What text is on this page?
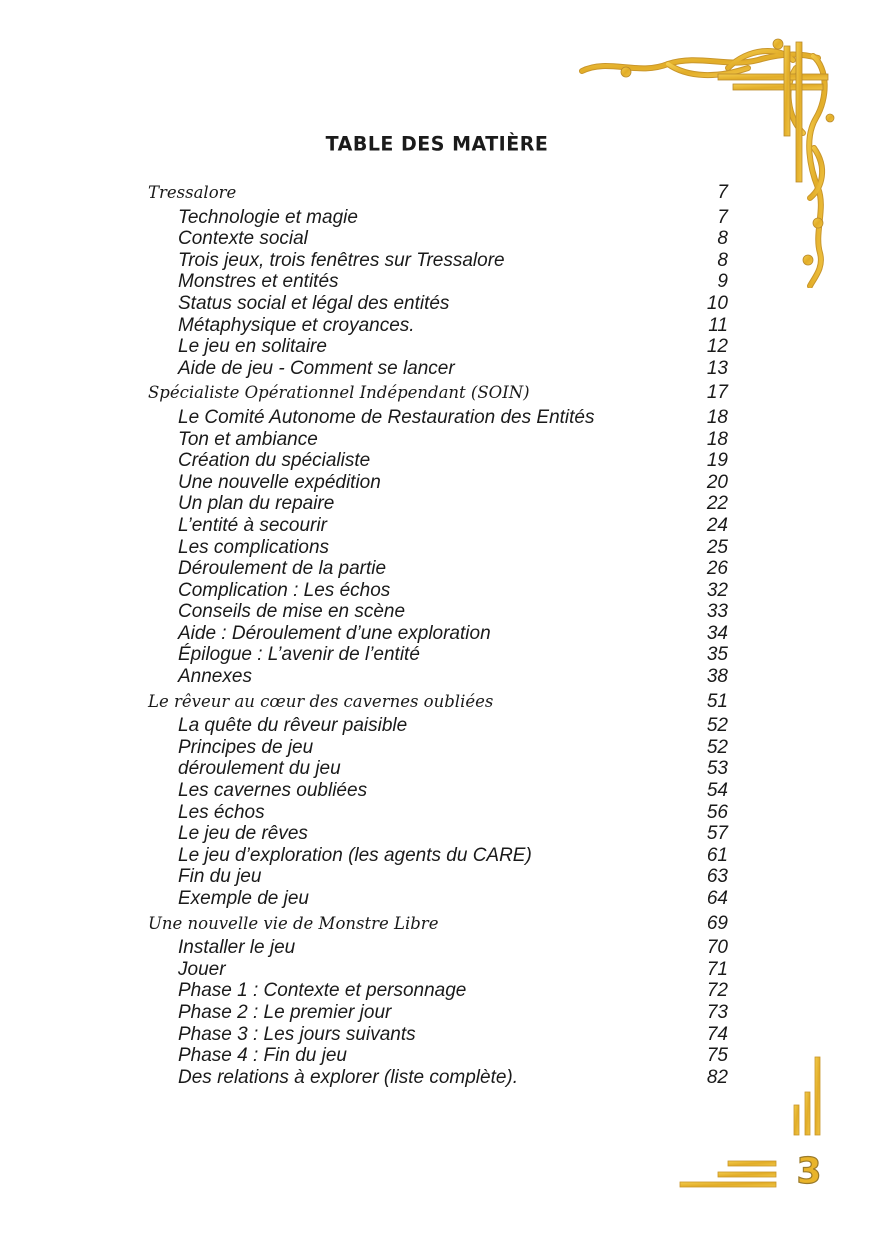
TABLE DES MATIÈRE
Tressalore	7
Technologie et magie	7
Contexte social	8
Trois jeux, trois fenêtres sur Tressalore	8
Monstres et entités	9
Status social et légal des entités	10
Métaphysique et croyances.	11
Le jeu en solitaire	12
Aide de jeu - Comment se lancer	13
Spécialiste Opérationnel Indépendant (SOIN)	17
Le Comité Autonome de Restauration des Entités	18
Ton et ambiance	18
Création du spécialiste	19
Une nouvelle expédition	20
Un plan du repaire	22
L’entité à secourir	24
Les complications	25
Déroulement de la partie	26
Complication : Les échos	32
Conseils de mise en scène	33
Aide : Déroulement d’une exploration	34
Épilogue : L’avenir de l’entité	35
Annexes	38
Le rêveur au cœur des cavernes oubliées	51
La quête du rêveur paisible	52
Principes de jeu	52
déroulement du jeu	53
Les cavernes oubliées	54
Les échos	56
Le jeu de rêves	57
Le jeu d’exploration (les agents du CARE)	61
Fin du jeu	63
Exemple de jeu	64
Une nouvelle vie de Monstre Libre	69
Installer le jeu	70
Jouer	71
Phase 1 : Contexte et personnage	72
Phase 2 : Le premier jour	73
Phase 3 : Les jours suivants	74
Phase 4 : Fin du jeu	75
Des relations à explorer (liste complète).	82
3
